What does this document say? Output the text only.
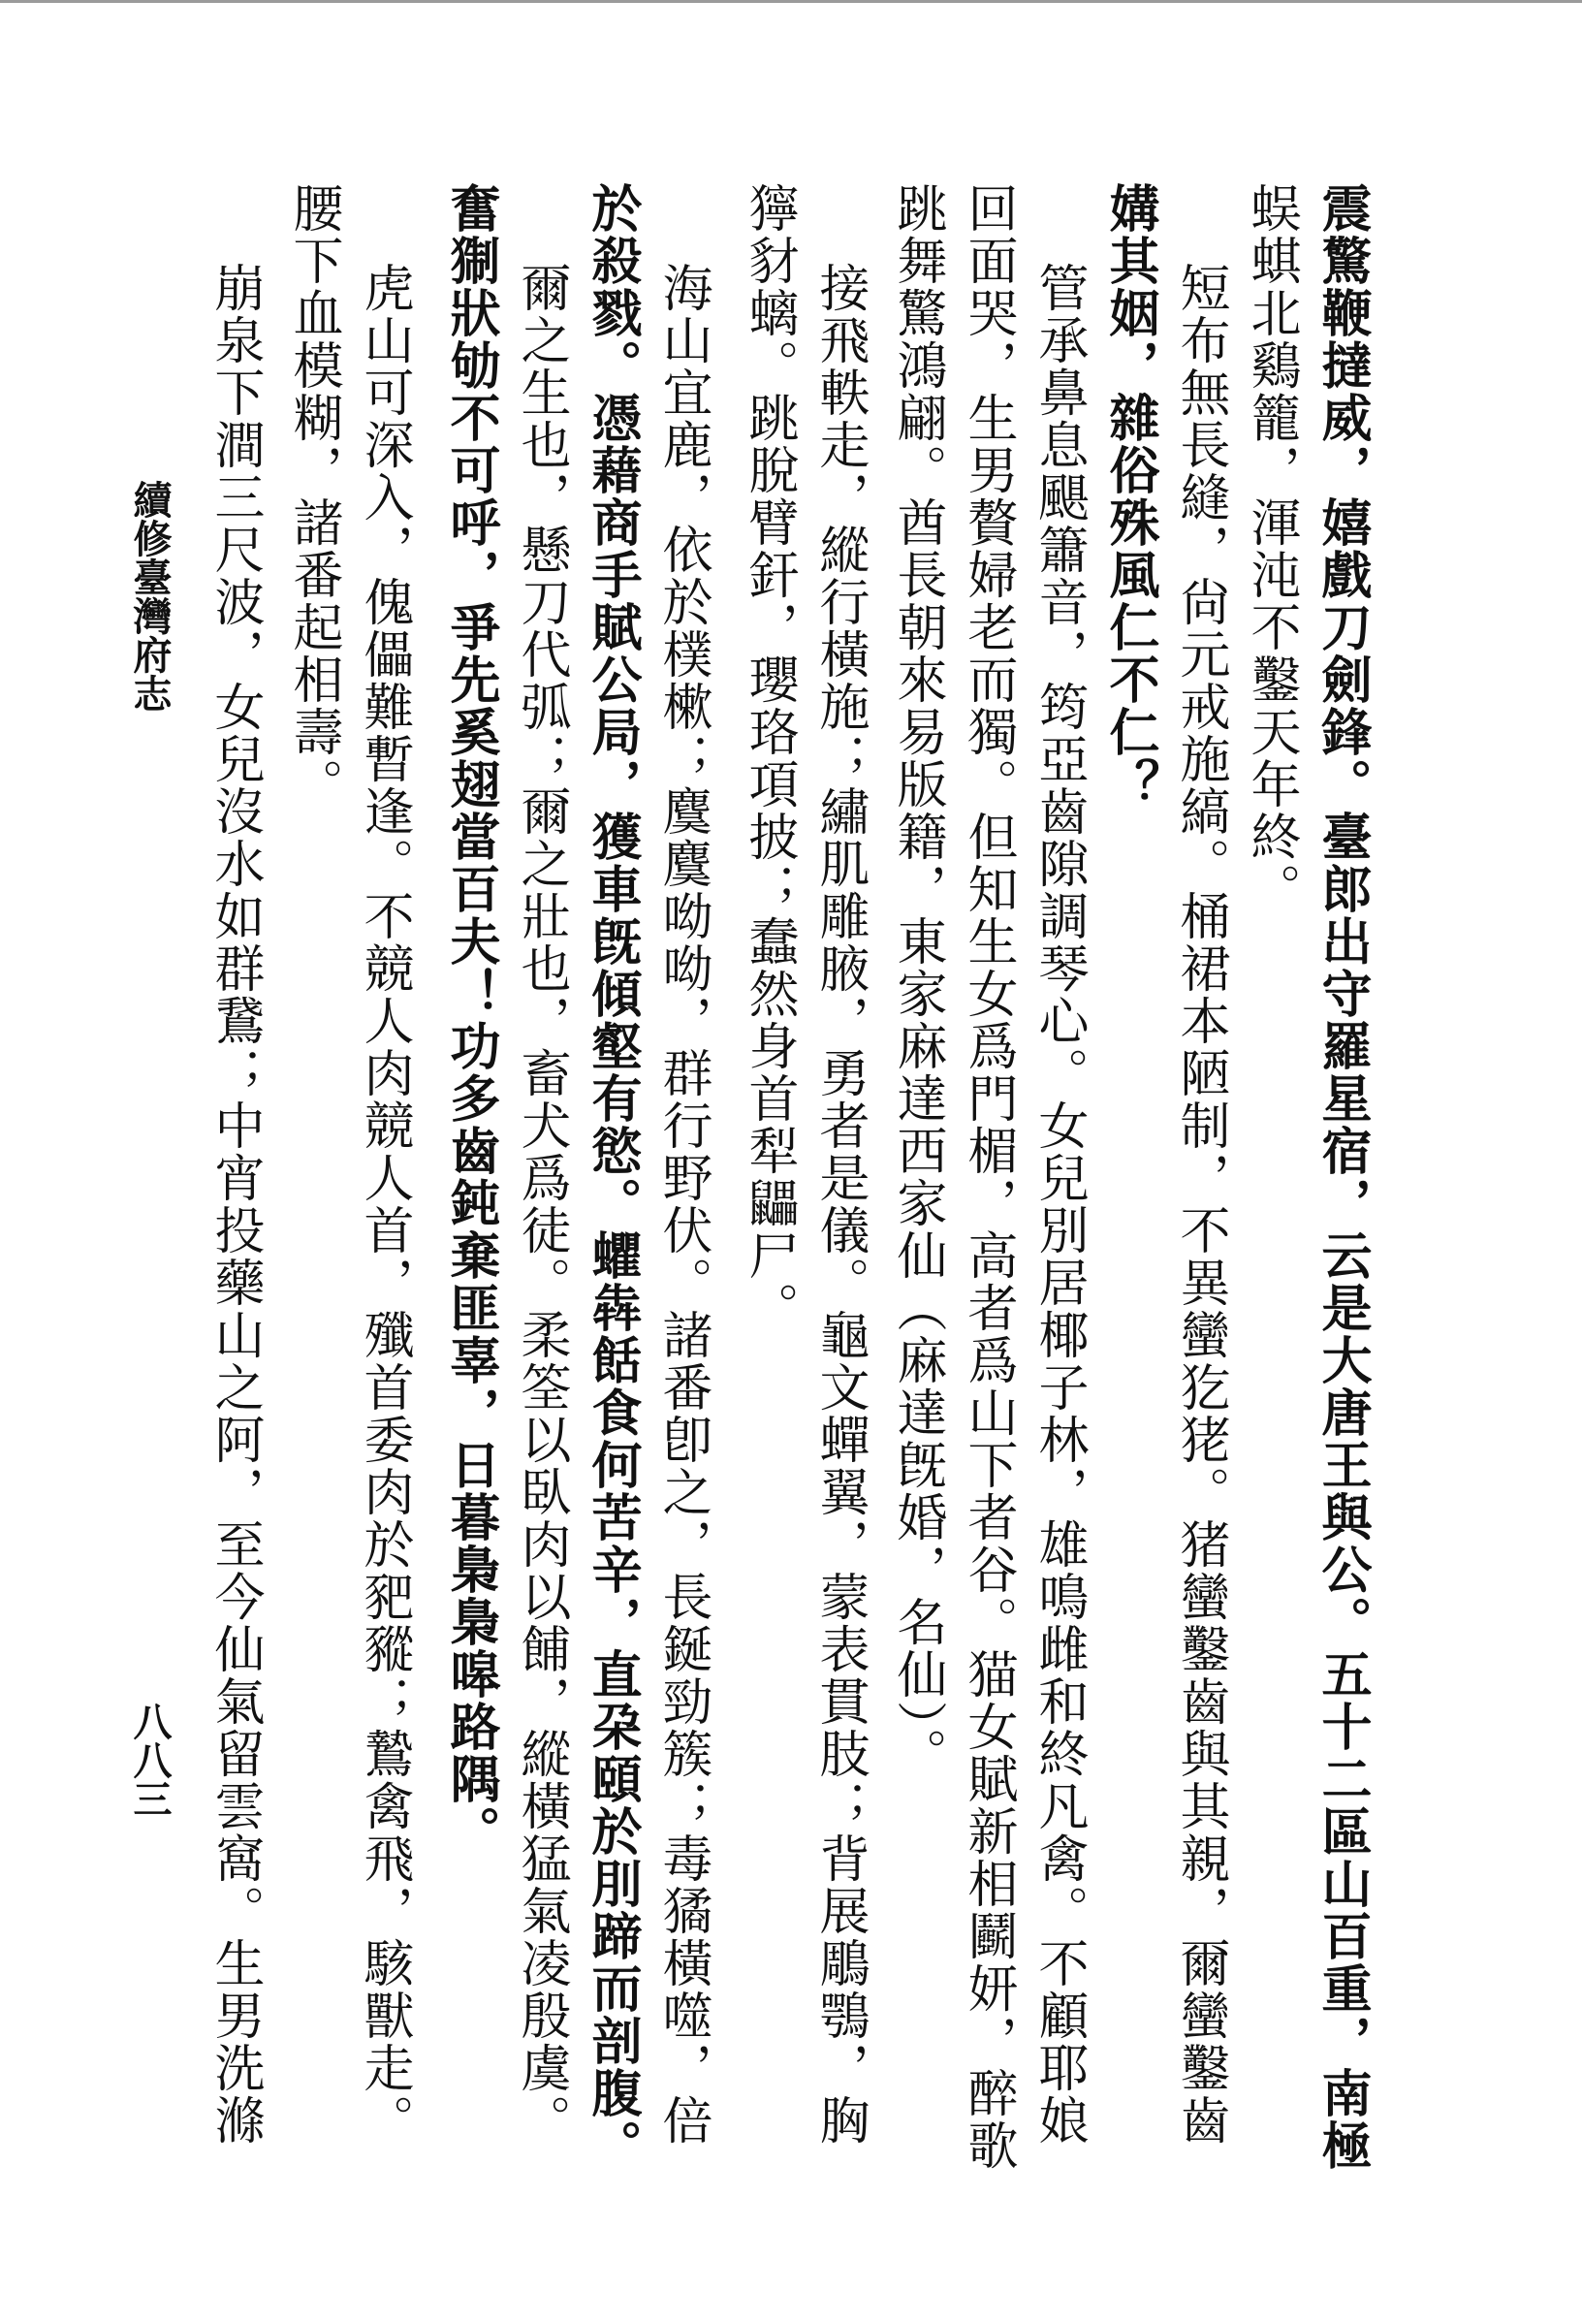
震驚鞭撻威，嬉戲刀劍鋒。臺郎出守羅星宿，云是大唐王與公。五十二區山百重，南極
蜈蜞北鷄籠，渾沌不鑿天年終。
短布無長縫，尙元戒施縞。桶裙本陋制，不異蠻犵狫。猪蠻鑿齒與其親，爾蠻鑿齒
媾其姻，雜俗殊風仁不仁？
管承鼻息颶簫音，筠亞齒隙調琴心。女兒別居椰子林，雄鳴雌和終凡禽。不顧耶娘
回面哭，生男贅婦老而獨。但知生女爲門楣，高者爲山下者谷。猫女賦新相鬬妍，醉歌
跳舞驚鴻翩。酋長朝來易版籍，東家麻達西家仙（麻達旣婚，名仙）。
接飛軼走，縱行橫施；繡肌雕腋，勇者是儀。龜文蟬翼，蒙表貫肢；背展鵰鶚，胸
獰豺螭。跳脫臂釬，瓔珞項披；蠢然身首犁鼺尸。
海山宜鹿，依於樸樕；麌麌呦呦，群行野伏。諸番卽之，長鋋勁簇；毒獝橫噬，倍
於殺戮。憑藉商手賦公局，獲車旣傾壑有慾。蠷犇餂食何苦辛，直朶頤於刖蹄而剖腹。
爾之生也，懸刀代弧；爾之壯也，畜犬爲徒。柔筌以臥肉以餔，縱橫猛氣凌殷虞。
奮猘狀劬不可呼，爭先奚翅當百夫！功多齒鈍棄匪辜，日暮梟梟嗥路隅。
虎山可深入，傀儡難暫逢。不競人肉競人首，殲首委肉於豝豵；鷙禽飛，駭獸走。
腰下血模糊，諸番起相壽。
崩泉下澗三尺波，女兒沒水如群鵞；中宵投藥山之阿，至今仙氣留雲窩。生男洗滌
續修臺灣府志
八八三
